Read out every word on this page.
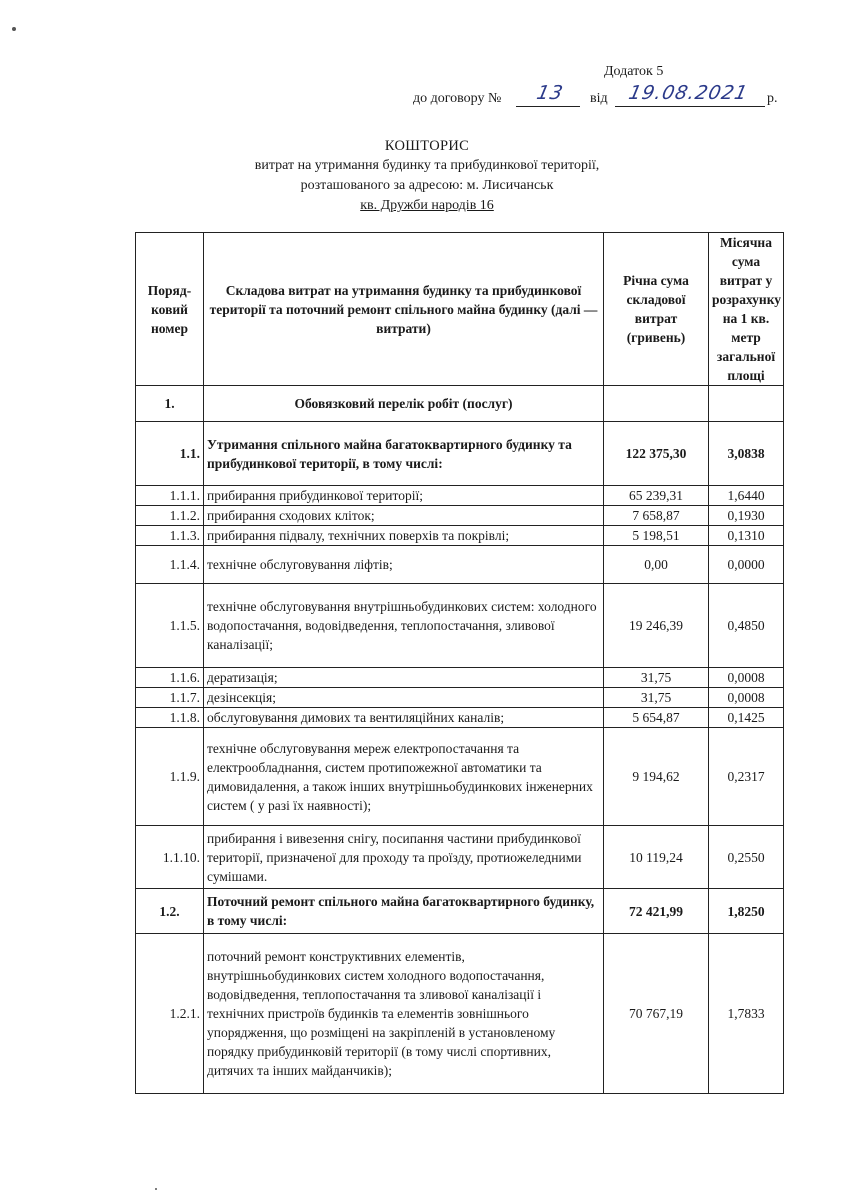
Додаток 5
до договору № 13 від 19.08.2021 р.
КОШТОРИС
витрат на утримання будинку та прибудинкової території,
розташованого за адресою: м. Лисичанськ
кв. Дружби народів 16
Поряд-ковий номер	Складова витрат на утримання будинку та прибудинкової території та поточний ремонт спільного майна будинку (далі — витрати)	Річна сума складової витрат (гривень)	Місячна сума витрат у розрахунку на 1 кв. метр загальної площі
1.	Обовязковий перелік робіт (послуг)		
1.1.	Утримання спільного майна багатоквартирного будинку та прибудинкової території, в тому числі:	122 375,30	3,0838
1.1.1.	прибирання прибудинкової території;	65 239,31	1,6440
1.1.2.	прибирання сходових кліток;	7 658,87	0,1930
1.1.3.	прибирання підвалу, технічних поверхів та покрівлі;	5 198,51	0,1310
1.1.4.	технічне обслуговування ліфтів;	0,00	0,0000
1.1.5.	технічне обслуговування внутрішньобудинкових систем: холодного водопостачання, водовідведення, теплопостачання, зливової каналізації;	19 246,39	0,4850
1.1.6.	дератизація;	31,75	0,0008
1.1.7.	дезінсекція;	31,75	0,0008
1.1.8.	обслуговування димових та вентиляційних каналів;	5 654,87	0,1425
1.1.9.	технічне обслуговування мереж електропостачання та електрообладнання, систем протипожежної автоматики та димовидалення, а також інших внутрішньобудинкових інженерних систем ( у разі їх наявності);	9 194,62	0,2317
1.1.10.	прибирання і вивезення снігу, посипання частини прибудинкової території, призначеної для проходу та проїзду, протиожеледними сумішами.	10 119,24	0,2550
1.2.	Поточний ремонт спільного майна багатоквартирного будинку, в тому числі:	72 421,99	1,8250
1.2.1.	поточний ремонт конструктивних елементів, внутрішньобудинкових систем холодного водопостачання, водовідведення, теплопостачання та зливової каналізації і технічних пристроїв будинків та елементів зовнішнього упорядження, що розміщені на закріпленій в установленому порядку прибудинковій території (в тому числі спортивних, дитячих та інших майданчиків);	70 767,19	1,7833
